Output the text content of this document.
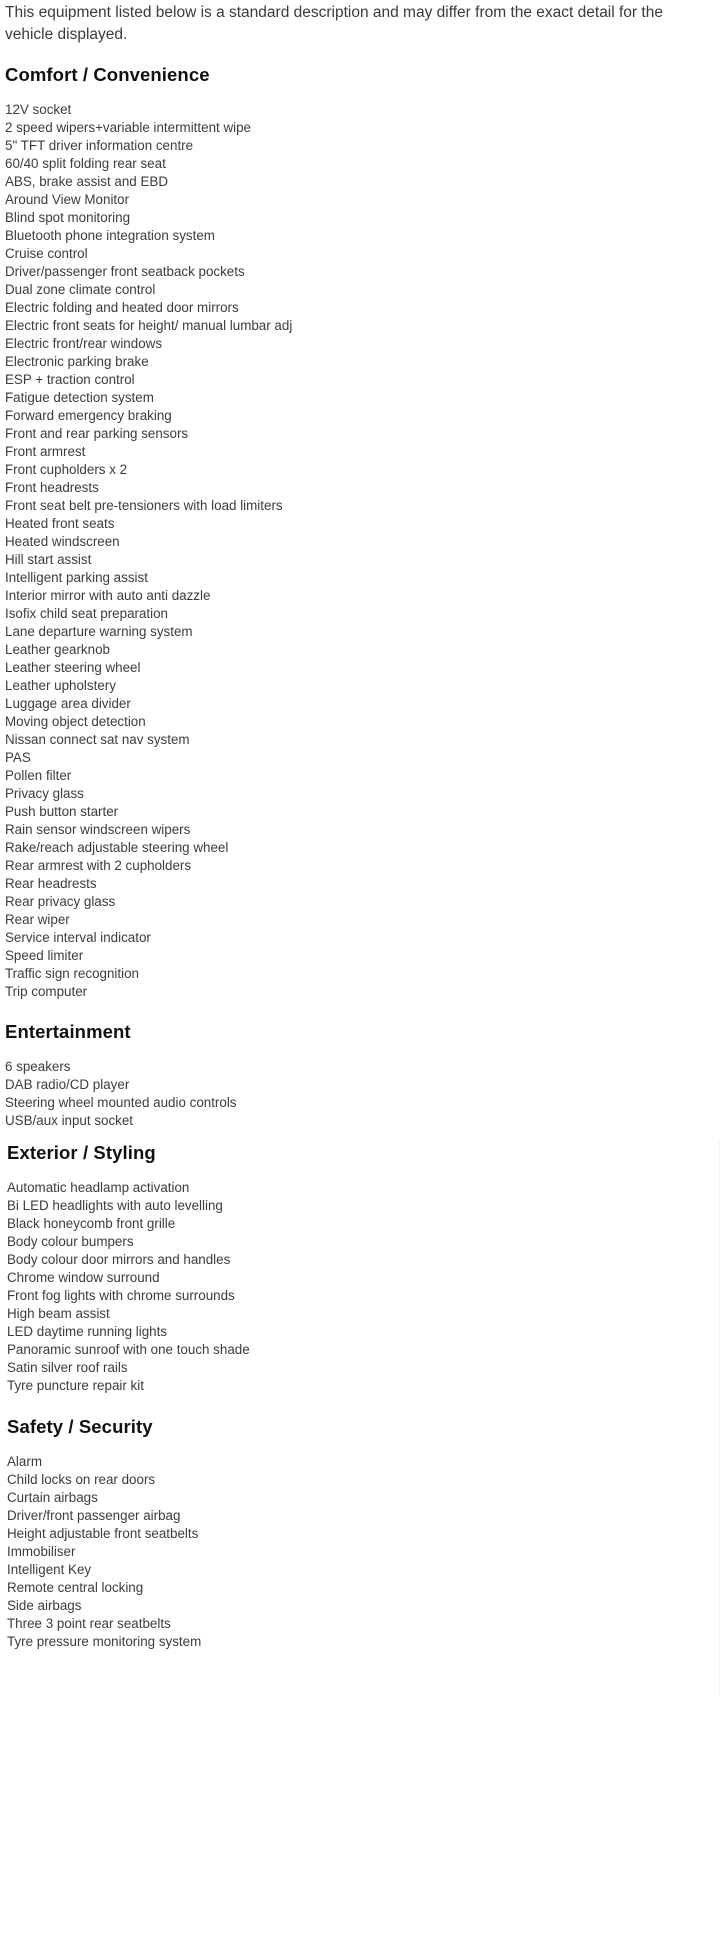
This equipment listed below is a standard description and may differ from the exact detail for the vehicle displayed.

Comfort / Convenience
12V socket
2 speed wipers+variable intermittent wipe
5" TFT driver information centre
60/40 split folding rear seat
ABS, brake assist and EBD
Around View Monitor
Blind spot monitoring
Bluetooth phone integration system
Cruise control
Driver/passenger front seatback pockets
Dual zone climate control
Electric folding and heated door mirrors
Electric front seats for height/ manual lumbar adj
Electric front/rear windows
Electronic parking brake
ESP + traction control
Fatigue detection system
Forward emergency braking
Front and rear parking sensors
Front armrest
Front cupholders x 2
Front headrests
Front seat belt pre-tensioners with load limiters
Heated front seats
Heated windscreen
Hill start assist
Intelligent parking assist
Interior mirror with auto anti dazzle
Isofix child seat preparation
Lane departure warning system
Leather gearknob
Leather steering wheel
Leather upholstery
Luggage area divider
Moving object detection
Nissan connect sat nav system
PAS
Pollen filter
Privacy glass
Push button starter
Rain sensor windscreen wipers
Rake/reach adjustable steering wheel
Rear armrest with 2 cupholders
Rear headrests
Rear privacy glass
Rear wiper
Service interval indicator
Speed limiter
Traffic sign recognition
Trip computer
Entertainment
6 speakers
DAB radio/CD player
Steering wheel mounted audio controls
USB/aux input socket
Exterior / Styling
Automatic headlamp activation
Bi LED headlights with auto levelling
Black honeycomb front grille
Body colour bumpers
Body colour door mirrors and handles
Chrome window surround
Front fog lights with chrome surrounds
High beam assist
LED daytime running lights
Panoramic sunroof with one touch shade
Satin silver roof rails
Tyre puncture repair kit
Safety / Security
Alarm
Child locks on rear doors
Curtain airbags
Driver/front passenger airbag
Height adjustable front seatbelts
Immobiliser
Intelligent Key
Remote central locking
Side airbags
Three 3 point rear seatbelts
Tyre pressure monitoring system
